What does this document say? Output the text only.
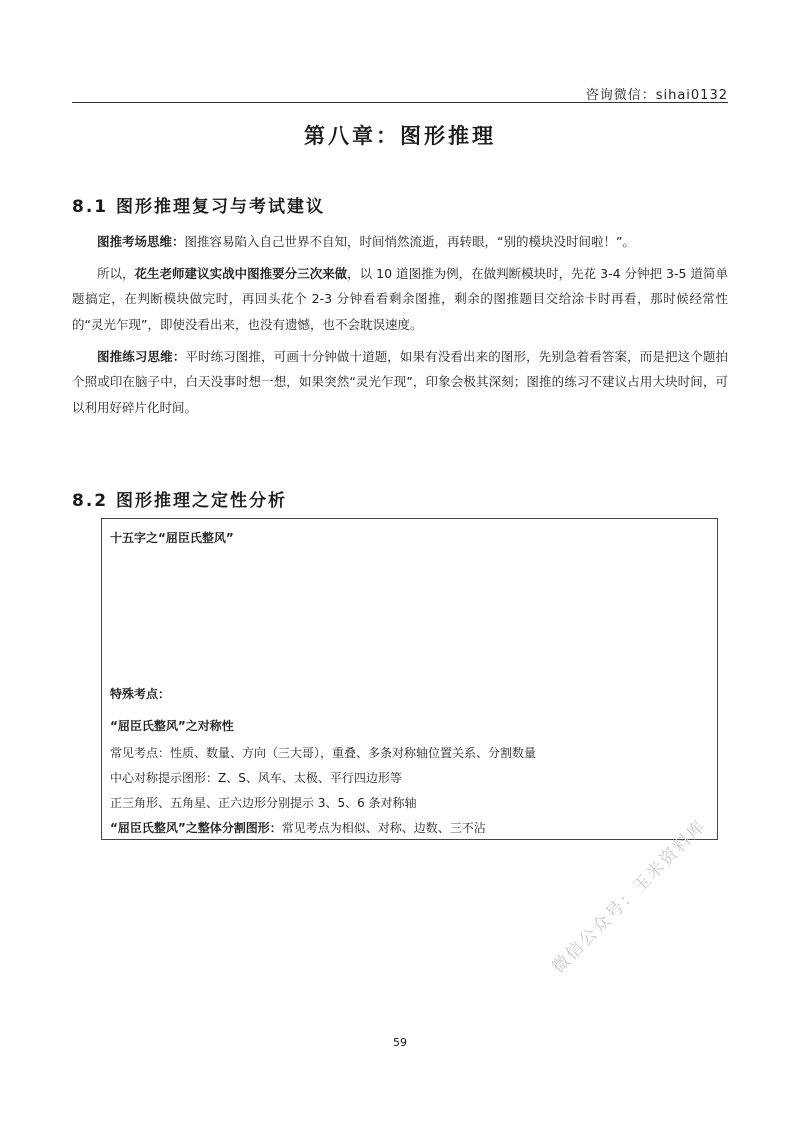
咨询微信：sihai0132
第八章：图形推理
8.1 图形推理复习与考试建议

图推考场思维：图推容易陷入自己世界不自知，时间悄然流逝，再转眼，“别的模块没时间啦！”。

所以，花生老师建议实战中图推要分三次来做，以 10 道图推为例，在做判断模块时，先花 3-4 分钟把 3-5 道简单题搞定，在判断模块做完时，再回头花个 2-3 分钟看看剩余图推，剩余的图推题目交给涂卡时再看，那时候经常性的“灵光乍现”，即使没看出来，也没有遗憾，也不会耽误速度。

图推练习思维：平时练习图推，可画十分钟做十道题，如果有没看出来的图形，先别急着看答案，而是把这个题拍个照或印在脑子中，白天没事时想一想，如果突然“灵光乍现”，印象会极其深刻；图推的练习不建议占用大块时间，可以利用好碎片化时间。

8.2 图形推理之定性分析
十五字之“屈臣氏整风”
特殊考点：
“屈臣氏整风”之对称性
常见考点：性质、数量、方向（三大哥），重叠、多条对称轴位置关系、分割数量
中心对称提示图形：Z、S、风车、太极、平行四边形等
正三角形、五角星、正六边形分别提示 3、5、6 条对称轴
“屈臣氏整风”之整体分割图形：常见考点为相似、对称、边数、三不沾
59
微信公众号：玉米资料库
